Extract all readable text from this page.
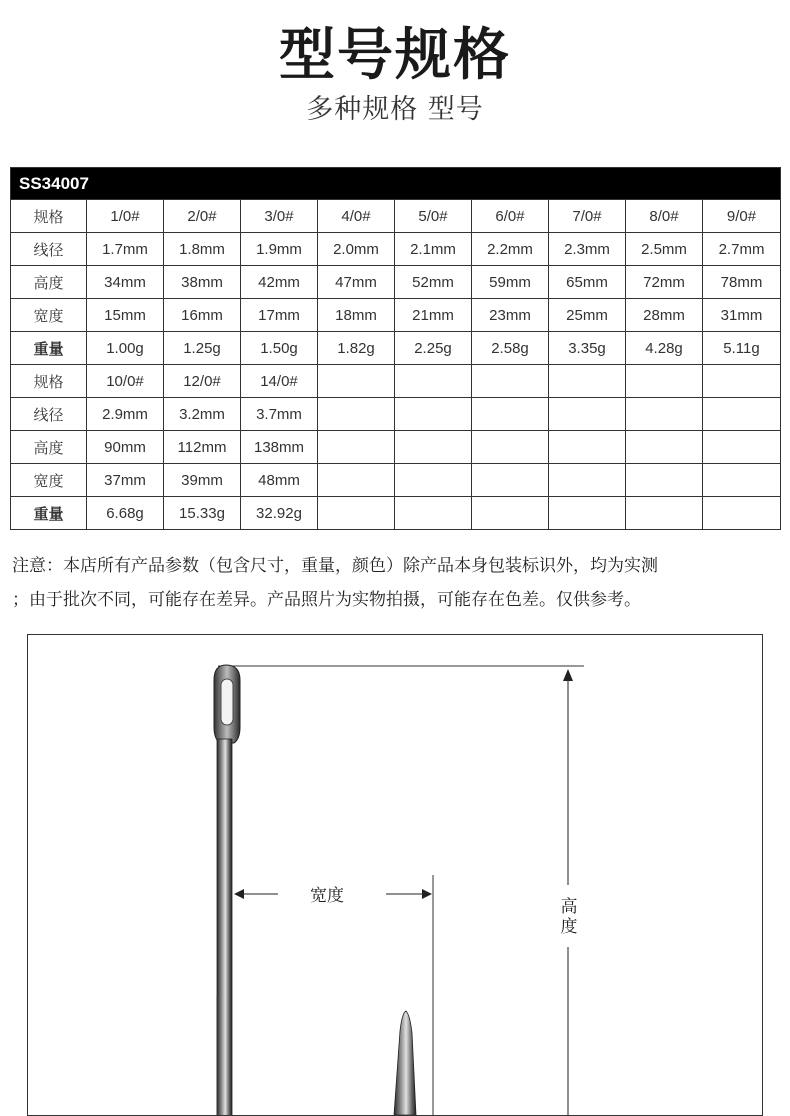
型号规格
多种规格 型号
SS34007									
规格	1/0#	2/0#	3/0#	4/0#	5/0#	6/0#	7/0#	8/0#	9/0#
线径	1.7mm	1.8mm	1.9mm	2.0mm	2.1mm	2.2mm	2.3mm	2.5mm	2.7mm
高度	34mm	38mm	42mm	47mm	52mm	59mm	65mm	72mm	78mm
宽度	15mm	16mm	17mm	18mm	21mm	23mm	25mm	28mm	31mm
重量	1.00g	1.25g	1.50g	1.82g	2.25g	2.58g	3.35g	4.28g	5.11g
规格	10/0#	12/0#	14/0#						
线径	2.9mm	3.2mm	3.7mm						
高度	90mm	112mm	138mm						
宽度	37mm	39mm	48mm						
重量	6.68g	15.33g	32.92g						

注意：本店所有产品参数（包含尺寸，重量，颜色）除产品本身包装标识外，均为实测

；由于批次不同，可能存在差异。产品照片为实物拍摄，可能存在色差。仅供参考。

宽度
高度
